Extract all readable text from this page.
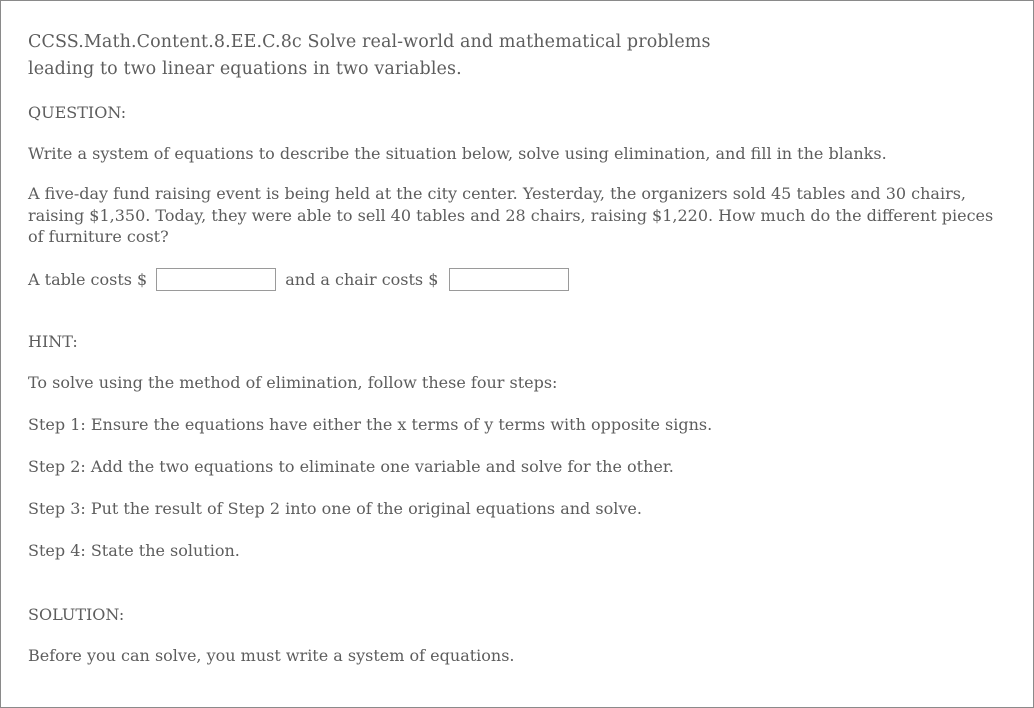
CCSS.Math.Content.8.EE.C.8c Solve real-world and mathematical problems
leading to two linear equations in two variables.
QUESTION:
Write a system of equations to describe the situation below, solve using elimination, and fill in the blanks.
A five-day fund raising event is being held at the city center. Yesterday, the organizers sold 45 tables and 30 chairs, raising $1,350. Today, they were able to sell 40 tables and 28 chairs, raising $1,220. How much do the different pieces of furniture cost?
A table costs $	and a chair costs $
HINT:
To solve using the method of elimination, follow these four steps:
Step 1: Ensure the equations have either the x terms of y terms with opposite signs.
Step 2: Add the two equations to eliminate one variable and solve for the other.
Step 3: Put the result of Step 2 into one of the original equations and solve.
Step 4: State the solution.
SOLUTION:
Before you can solve, you must write a system of equations.
